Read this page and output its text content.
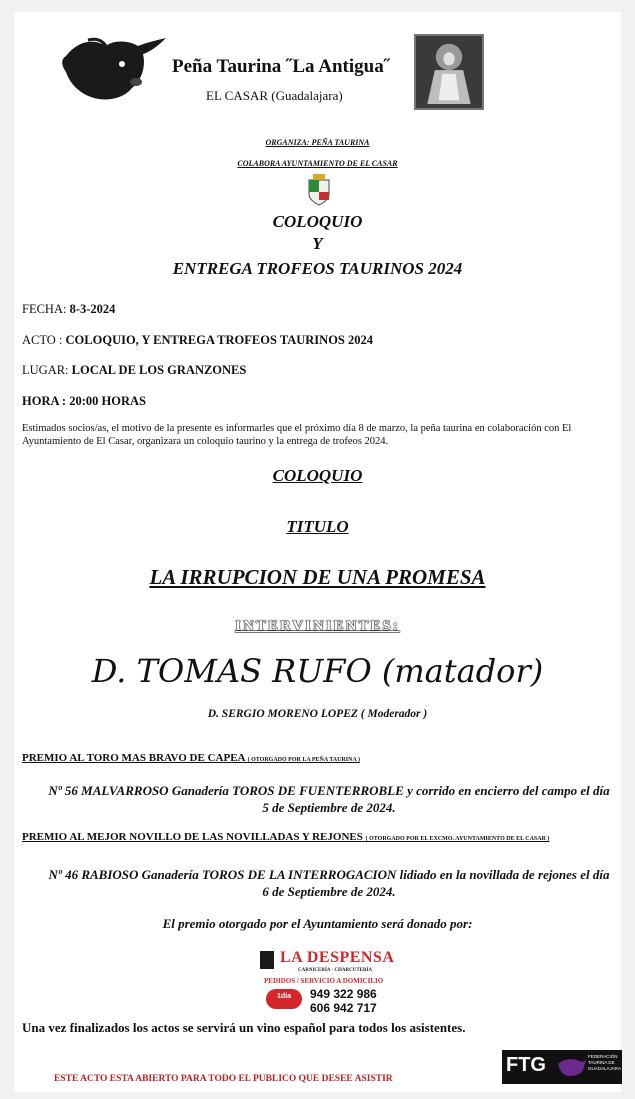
Peña Taurina ˝La Antigua˝
EL CASAR (Guadalajara)
ORGANIZA: PEÑA TAURINA
COLABORA AYUNTAMIENTO DE EL CASAR
COLOQUIO
Y
ENTREGA TROFEOS TAURINOS 2024
FECHA: 8-3-2024
ACTO : COLOQUIO, Y ENTREGA TROFEOS TAURINOS 2024
LUGAR: LOCAL DE LOS GRANZONES
HORA : 20:00 HORAS
Estimados socios/as, el motivo de la presente es informarles que el próximo día 8 de marzo, la peña taurina en colaboración con El Ayuntamiento de El Casar, organizara un coloquio taurino y la entrega de trofeos 2024.
COLOQUIO
TITULO
LA IRRUPCION DE UNA PROMESA
INTERVINIENTES:
D. TOMAS RUFO (matador)
D. SERGIO MORENO LOPEZ ( Moderador )
PREMIO AL TORO MAS BRAVO DE CAPEA ( OTORGADO POR LA PEÑA TAURINA )
Nº 56 MALVARROSO Ganadería TOROS DE FUENTERROBLE y corrido en encierro del campo el día 5 de Septiembre de 2024.
PREMIO AL MEJOR NOVILLO DE LAS NOVILLADAS Y REJONES ( OTORGADO POR EL EXCMO. AYUNTAMIENTO DE EL CASAR )
Nº 46 RABIOSO Ganadería TOROS DE LA INTERROGACION lidiado en la novillada de rejones el día 6 de Septiembre de 2024.
El premio otorgado por el Ayuntamiento será donado por:
LA DESPENSA
CARNICERÍA - CHARCUTERÍA
PEDIDOS / SERVICIO A DOMICILIO
1día	949 322 986
606 942 717
Una vez finalizados los actos se servirá un vino español para todos los asistentes.
ESTE ACTO ESTA ABIERTO PARA TODO EL PUBLICO QUE DESEE ASISTIR
FTG	FEDERACIÓN TAURINA DE GUADALAJARA
